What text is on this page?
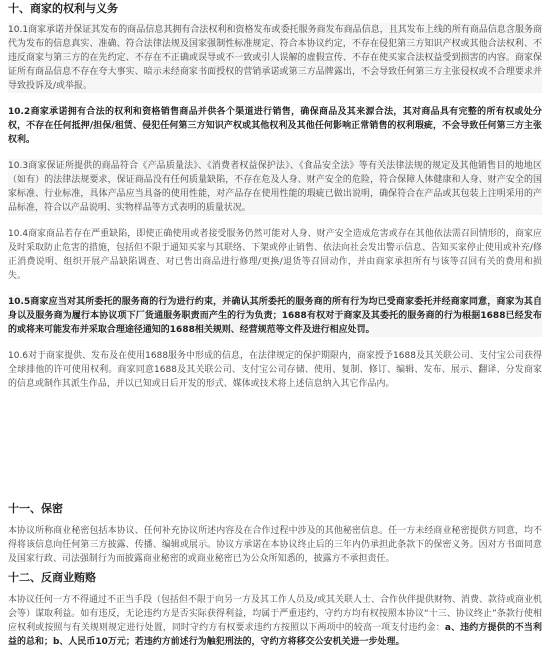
十、商家的权利与义务

10.1商家承诺并保证其发布的商品信息其拥有合法权利和资格发布或委托服务商发布商品信息，且其发布上线的所有商品信息含服务商代为发布的信息真实、准确、符合法律法规及国家强制性标准规定、符合本协议约定，不存在侵犯第三方知识产权或其他合法权利、不违反商家与第三方的在先约定、不存在不正确或误导或不一致或引人误解的虚假宣传、不存在使买家合法权益受到损害的内容。商家保证所有商品信息不存在夸大事实、暗示未经商家书面授权的营销承诺或第三方品牌露出，不会导致任何第三方主张侵权或不合理要求并导致投诉及/或举报。

10.2商家承诺拥有合法的权利和资格销售商品并供各个渠道进行销售，确保商品及其来源合法，其对商品具有完整的所有权或处分权，不存在任何抵押/担保/租赁、侵犯任何第三方知识产权或其他权利及其他任何影响正常销售的权利瑕疵，不会导致任何第三方主张权利。

10.3商家保证所提供的商品符合《产品质量法》、《消费者权益保护法》、《食品安全法》等有关法律法规的规定及其他销售目的地地区（如有）的法律法规要求，保证商品没有任何质量缺陷，不存在危及人身、财产安全的危险，符合保障人体健康和人身、财产安全的国家标准、行业标准，具体产品应当具备的使用性能，对产品存在使用性能的瑕疵已做出说明，确保符合在产品或其包装上注明采用的产品标准，符合以产品说明、实物样品等方式表明的质量状况。

10.4商家商品若存在严重缺陷，即使正确使用或者接受服务仍然可能对人身、财产安全造成危害或存在其他依法需召回情形的，商家应及时采取防止危害的措施，包括但不限于通知买家与其联络、下架或停止销售、依法向社会发出警示信息、告知买家停止使用或补充/修正消费说明、组织开展产品缺陷调查、对已售出商品进行修理/更换/退货等召回动作，并由商家承担所有与该等召回有关的费用和损失。

10.5商家应当对其所委托的服务商的行为进行约束，并确认其所委托的服务商的所有行为均已受商家委托并经商家同意，商家为其自身以及服务商为履行本协议项下厂货通服务职责而产生的行为负责；1688有权对于商家及其委托的服务商的行为根据1688已经发布的或将来可能发布并采取合理途径通知的1688相关规则、经营规范等文件及进行相应处罚。

10.6对于商家提供、发布及在使用1688服务中形成的信息，在法律规定的保护期限内，商家授予1688及其关联公司、支付宝公司获得全球排他的许可使用权利。商家同意1688及其关联公司、支付宝公司存储、使用、复制、修订、编辑、发布、展示、翻译、分发商家的信息或制作其派生作品，并以已知或日后开发的形式、媒体或技术将上述信息纳入其它作品内。

十一、保密

本协议所称商业秘密包括本协议、任何补充协议所述内容及在合作过程中涉及的其他秘密信息。任一方未经商业秘密提供方同意，均不得将该信息向任何第三方披露、传播、编辑或展示。协议方承诺在本协议终止后的三年内仍承担此条款下的保密义务。因对方书面同意及国家行政、司法强制行为而披露商业秘密的或商业秘密已为公众所知悉的，披露方不承担责任。

十二、反商业贿赂

本协议任何一方不得通过不正当手段（包括但不限于向另一方及其工作人员及/或其关联人士、合作伙伴提供财物、消费、款待或商业机会等）谋取利益。如有违反，无论违约方是否实际获得利益，均属于严重违约，守约方均有权按照本协议“十三、协议终止”条款行使相应权利或按照与有关规则规定进行处置，同时守约方有权要求违约方按照以下两项中的较高一项支付违约金：a、违约方提供的不当利益的总和；b、人民币10万元；若违约方前述行为触犯刑法的，守约方将移交公安机关进一步处理。
